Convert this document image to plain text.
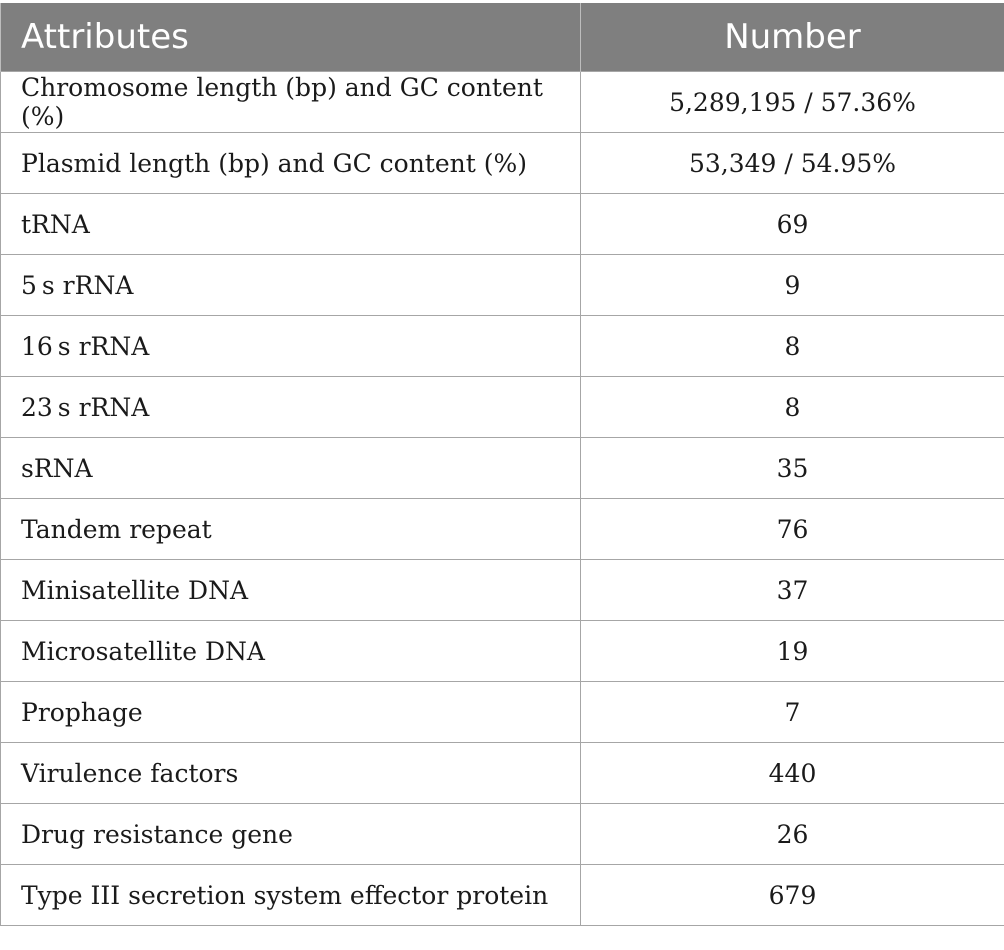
Attributes	Number
Chromosome length (bp) and GC content (%)	5,289,195 / 57.36%
Plasmid length (bp) and GC content (%)	53,349 / 54.95%
tRNA	69
5 s rRNA	9
16 s rRNA	8
23 s rRNA	8
sRNA	35
Tandem repeat	76
Minisatellite DNA	37
Microsatellite DNA	19
Prophage	7
Virulence factors	440
Drug resistance gene	26
Type III secretion system effector protein	679
